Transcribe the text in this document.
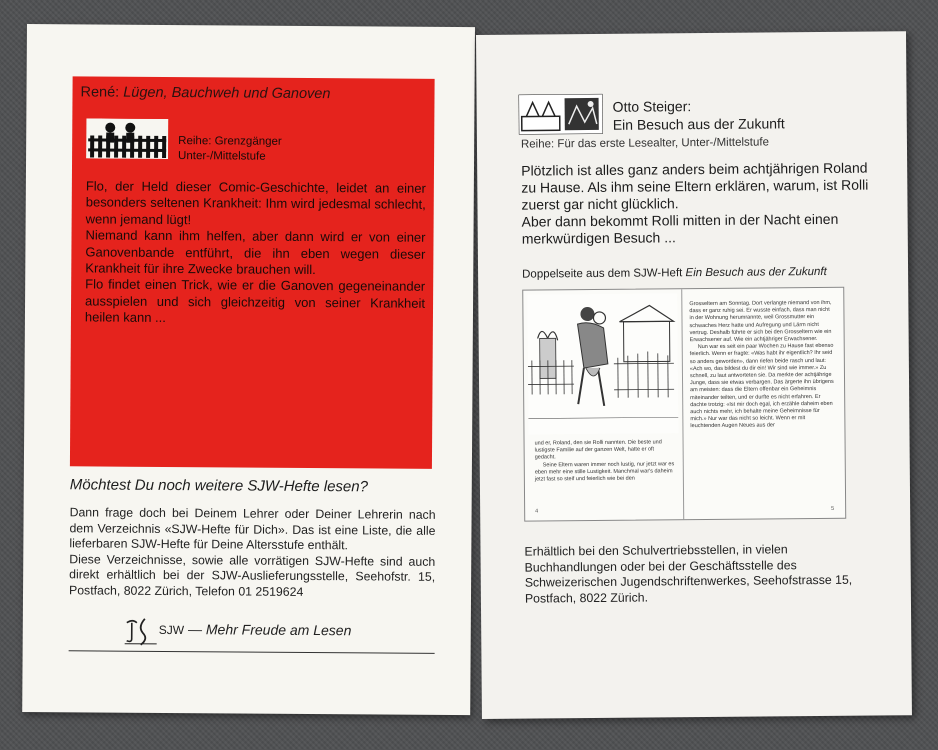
René: Lügen, Bauchweh und Ganoven
Reihe: Grenzgänger
Unter-/Mittelstufe

Flo, der Held dieser Comic-Geschichte, leidet an einer besonders seltenen Krankheit: Ihm wird jedesmal schlecht, wenn jemand lügt!

Niemand kann ihm helfen, aber dann wird er von einer Ganovenbande entführt, die ihn eben wegen dieser Krankheit für ihre Zwecke brauchen will.

Flo findet einen Trick, wie er die Ganoven gegeneinander ausspielen und sich gleichzeitig von seiner Krankheit heilen kann ...

Möchtest Du noch weitere SJW-Hefte lesen?

Dann frage doch bei Deinem Lehrer oder Deiner Lehrerin nach dem Verzeichnis «SJW-Hefte für Dich». Das ist eine Liste, die alle lieferbaren SJW-Hefte für Deine Altersstufe enthält.

Diese Verzeichnisse, sowie alle vorrätigen SJW-Hefte sind auch direkt erhältlich bei der SJW-Auslieferungsstelle, Seehofstr. 15, Postfach, 8022 Zürich, Telefon 01 2519624

SJW — Mehr Freude am Lesen
Otto Steiger:
Ein Besuch aus der Zukunft
Reihe: Für das erste Lesealter, Unter-/Mittelstufe

Plötzlich ist alles ganz anders beim achtjährigen Roland zu Hause. Als ihm seine Eltern erklären, warum, ist Rolli zuerst gar nicht glücklich.

Aber dann bekommt Rolli mitten in der Nacht einen merkwürdigen Besuch ...

Doppelseite aus dem SJW-Heft Ein Besuch aus der Zukunft

und er, Roland, den sie Rolli nannten. Die beste und lustigste Familie auf der ganzen Welt, hatte er oft gedacht.

Seine Eltern waren immer noch lustig, nur jetzt war es eben mehr eine stille Lustigkeit. Manchmal war's daheim jetzt fast so steif und feierlich wie bei den

Grosseltern am Sonntag. Dort verlangte niemand von ihm, dass er ganz ruhig sei. Er wusste einfach, dass man nicht in der Wohnung herumrannte, weil Grossmutter ein schwaches Herz hatte und Aufregung und Lärm nicht vertrug. Deshalb führte er sich bei den Grosseltern wie ein Erwachsener auf. Wie ein achtjähriger Erwachsener.

Nun war es seit ein paar Wochen zu Hause fast ebenso feierlich. Wenn er fragte: «Was habt ihr eigentlich? Ihr seid so anders geworden», dann riefen beide rasch und laut: «Ach wo, das bildest du dir ein! Wir sind wie immer.» Zu schnell, zu laut antworteten sie. Da merkte der achtjährige Junge, dass sie etwas verbargen. Das ärgerte ihn übrigens am meisten: dass die Eltern offenbar ein Geheimnis miteinander teilten, und er durfte es nicht erfahren. Er dachte trotzig: «Ist mir doch egal, ich erzähle daheim eben auch nichts mehr, ich behalte meine Geheimnisse für mich.» Nur war das nicht so leicht. Wenn er mit leuchtenden Augen Neues aus der

4	5
Erhältlich bei den Schulvertriebsstellen, in vielen Buchhandlungen oder bei der Geschäftsstelle des Schweizerischen Jugendschriftenwerkes, Seehofstrasse 15, Postfach, 8022 Zürich.
